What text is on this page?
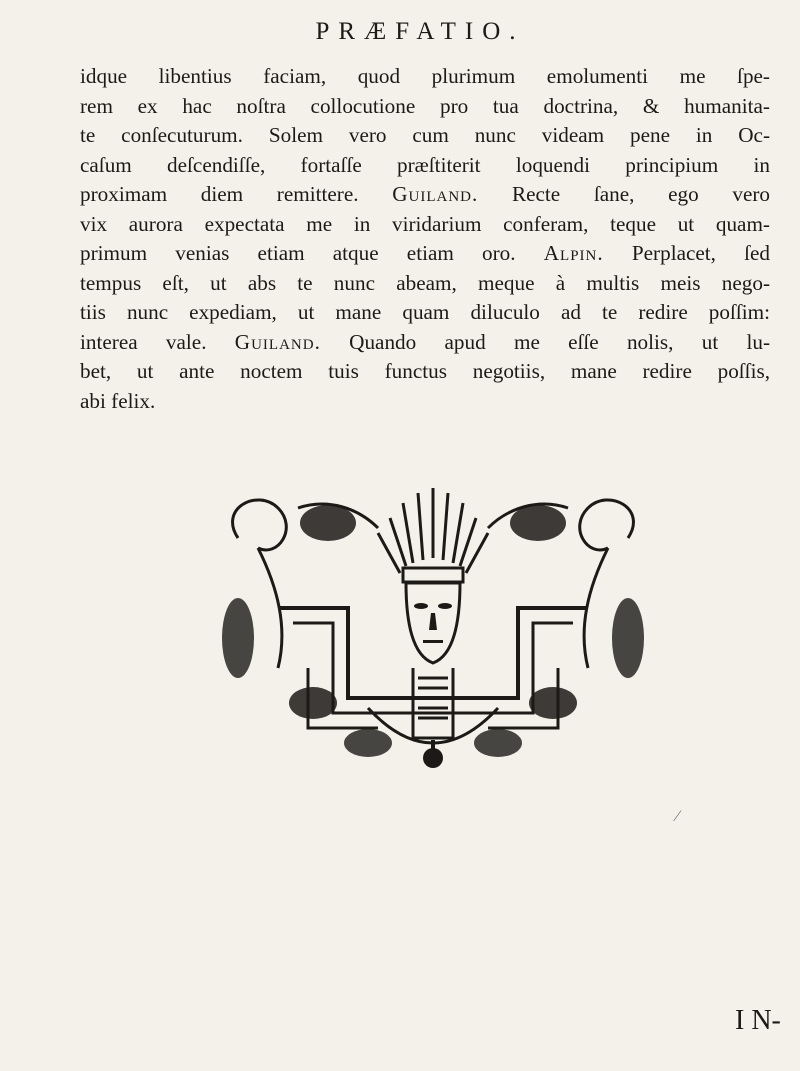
PRÆFATIO.
idque libentius faciam, quod plurimum emolumenti me ſpe-
rem ex hac noſtra collocutione pro tua doctrina, & humanita-
te conſecuturum. Solem vero cum nunc videam pene in Oc-
caſum deſcendiſſe, fortaſſe præſtiterit loquendi principium in
proximam diem remittere. Guiland. Recte ſane, ego vero
vix aurora expectata me in viridarium conferam, teque ut quam-
primum venias etiam atque etiam oro. Alpin. Perplacet, ſed
tempus eſt, ut abs te nunc abeam, meque à multis meis nego-
tiis nunc expediam, ut mane quam diluculo ad te redire poſſim:
interea vale. Guiland. Quando apud me eſſe nolis, ut lu-
bet, ut ante noctem tuis functus negotiis, mane redire poſſis,
abi felix.
⁄
I N-
